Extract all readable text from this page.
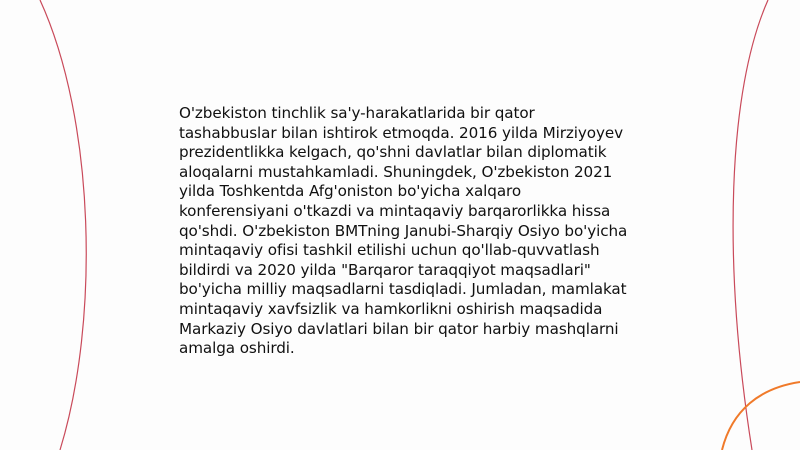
O'zbekiston tinchlik sa'y-harakatlarida bir qator tashabbuslar bilan ishtirok etmoqda. 2016 yilda Mirziyoyev prezidentlikka kelgach, qo'shni davlatlar bilan diplomatik aloqalarni mustahkamladi. Shuningdek, O'zbekiston 2021 yilda Toshkentda Afg'oniston bo'yicha xalqaro konferensiyani o'tkazdi va mintaqaviy barqarorlikka hissa qo'shdi. O'zbekiston BMTning Janubi-Sharqiy Osiyo bo'yicha mintaqaviy ofisi tashkil etilishi uchun qo'llab-quvvatlash bildirdi va 2020 yilda "Barqaror taraqqiyot maqsadlari" bo'yicha milliy maqsadlarni tasdiqladi. Jumladan, mamlakat mintaqaviy xavfsizlik va hamkorlikni oshirish maqsadida Markaziy Osiyo davlatlari bilan bir qator harbiy mashqlarni amalga oshirdi.
